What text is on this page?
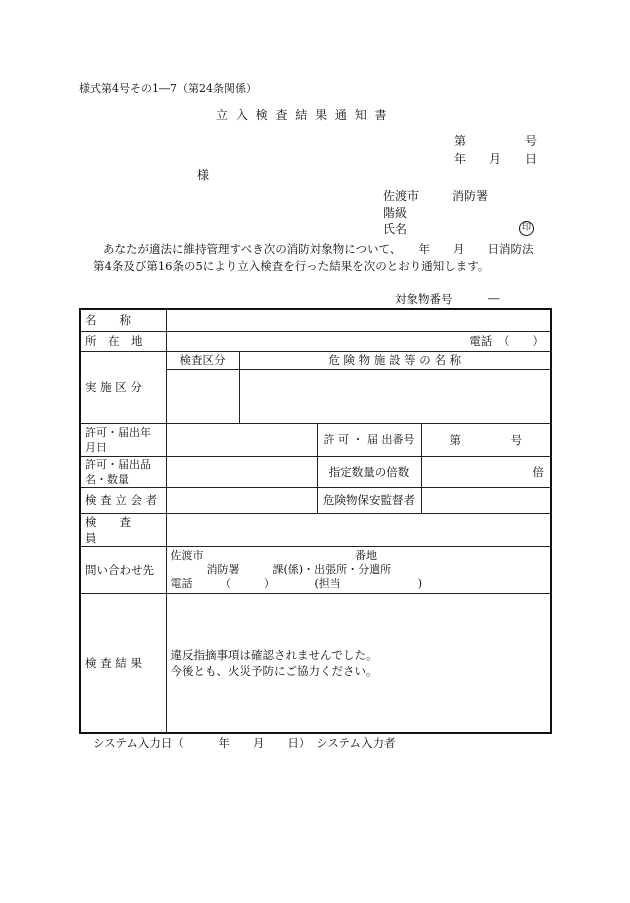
様式第4号その1―7（第24条関係）
立 入 検 査 結 果 通 知 書
第	号
年 月 日
様
佐渡市	消防署
階級
氏名	印
あなたが適法に維持管理すべき次の消防対象物について、　　年　　月　　日消防法
第4条及び第16条の5により立入検査を行った結果を次のとおり通知します。
対象物番号	―
名　　称				
所　在　地	電話　（　　）			
実 施 区 分	検査区分	危 険 物 施 設 等 の 名 称		

許可・届出年月日			許 可 ・ 届 出番号	第 号
許可・届出品名・数量			指定数量の倍数	倍
検 査 立 会 者			危険物保安監督者	
検　　査　　員				
問い合わせ先	佐渡市 番地
消防署　　　課(係)・出張所・分遣所
電話　　　（　　　） (担当　　　　　　　)			

検 査 結 果	違反指摘事項は確認されませんでした。
今後とも、火災予防にご協力ください。			
システム入力日（　　　年　　月　　日）　システム入力者
